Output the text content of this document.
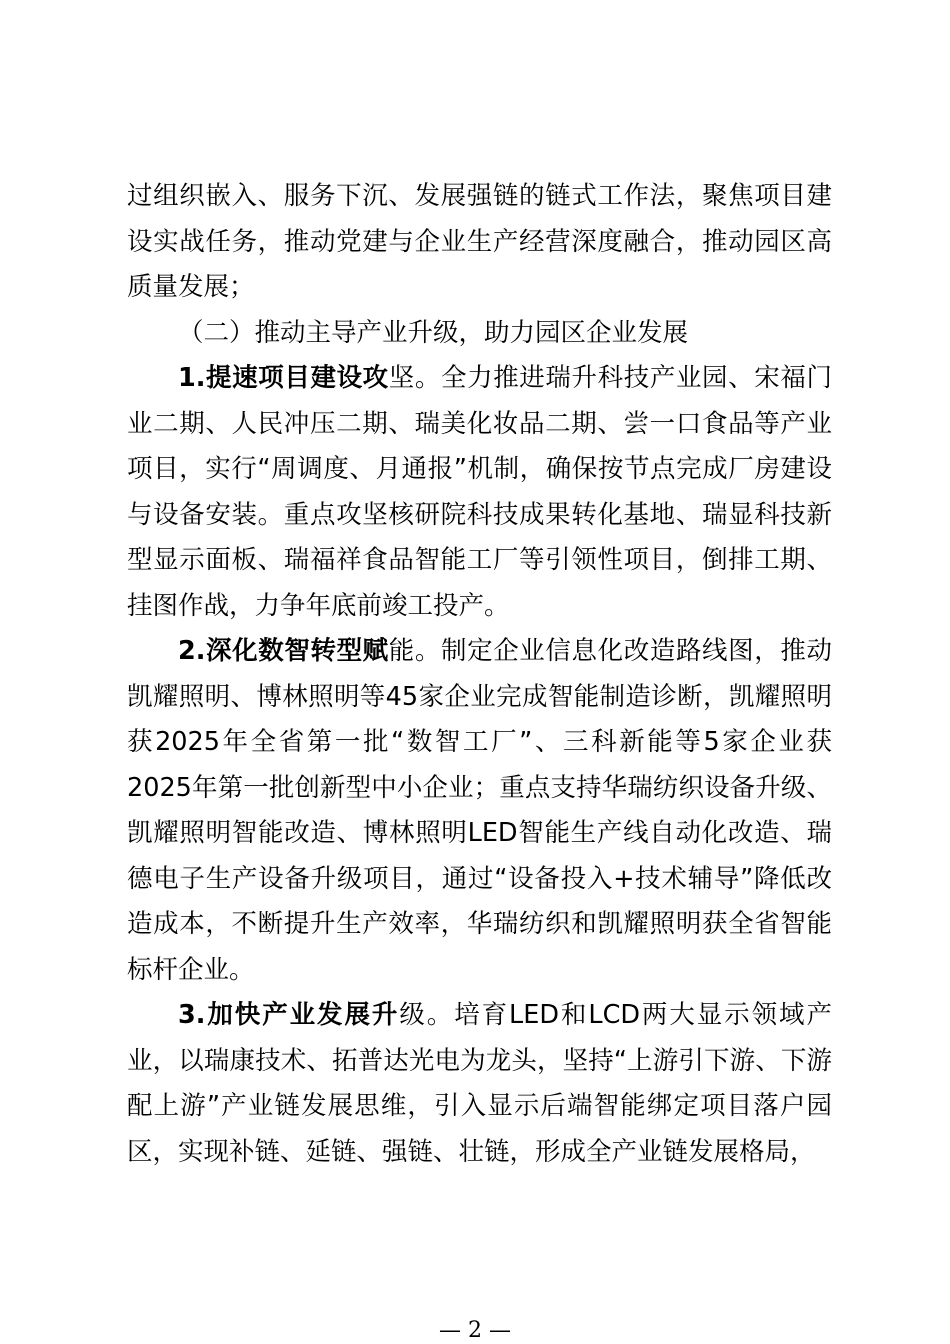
过组织嵌入、服务下沉、发展强链的链式工作法，聚焦项目建设实战任务，推动党建与企业生产经营深度融合，推动园区高质量发展；

（二）推动主导产业升级，助力园区企业发展

1.提速项目建设攻坚。全力推进瑞升科技产业园、宋福门业二期、人民冲压二期、瑞美化妆品二期、尝一口食品等产业项目，实行“周调度、月通报”机制，确保按节点完成厂房建设与设备安装。重点攻坚核研院科技成果转化基地、瑞显科技新型显示面板、瑞福祥食品智能工厂等引领性项目，倒排工期、挂图作战，力争年底前竣工投产。

2.深化数智转型赋能。制定企业信息化改造路线图，推动凯耀照明、博林照明等45家企业完成智能制造诊断，凯耀照明获2025年全省第一批“数智工厂”、三科新能等5家企业获2025年第一批创新型中小企业；重点支持华瑞纺织设备升级、凯耀照明智能改造、博林照明LED智能生产线自动化改造、瑞德电子生产设备升级项目，通过“设备投入+技术辅导”降低改造成本，不断提升生产效率，华瑞纺织和凯耀照明获全省智能标杆企业。

3.加快产业发展升级。培育LED和LCD两大显示领域产业，以瑞康技术、拓普达光电为龙头，坚持“上游引下游、下游配上游”产业链发展思维，引入显示后端智能绑定项目落户园区，实现补链、延链、强链、壮链，形成全产业链发展格局，

— 2 —
